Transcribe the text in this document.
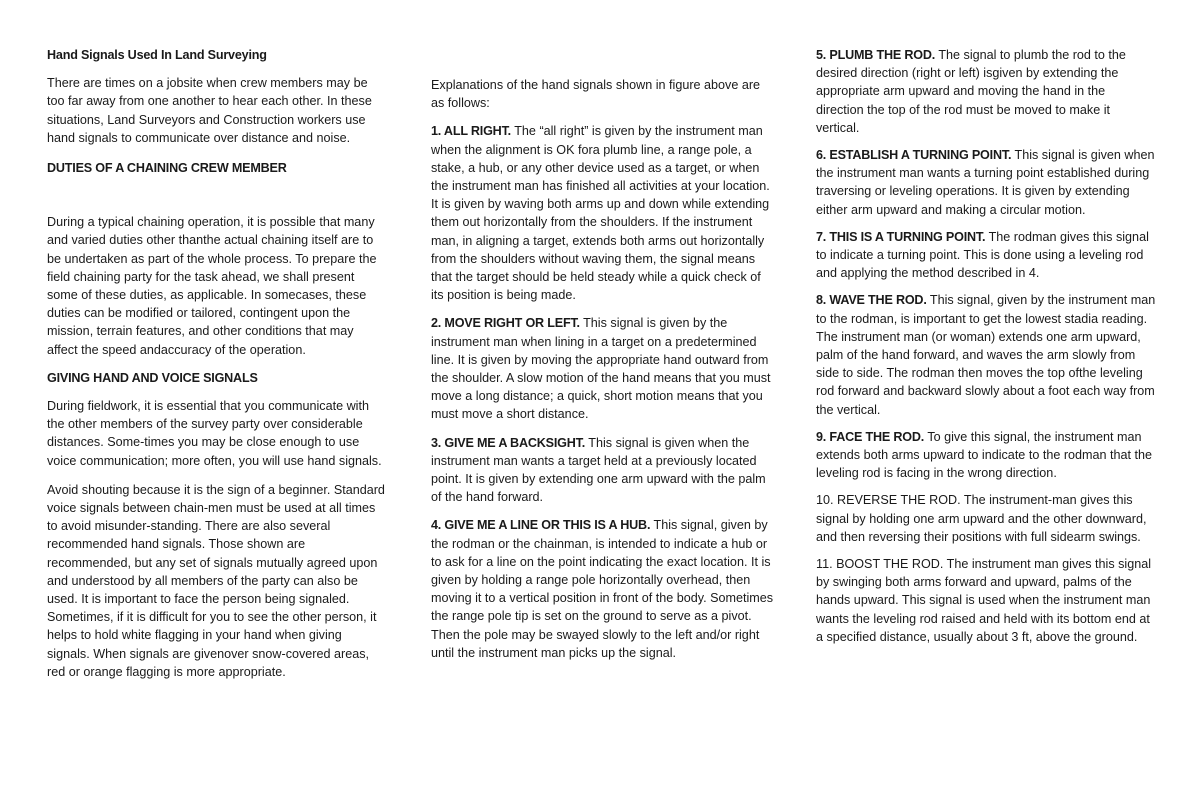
Hand Signals Used In Land Surveying

There are times on a jobsite when crew members may be too far away from one another to hear each other. In these situations, Land Surveyors and Construction workers use hand signals to communicate over distance and noise.

DUTIES OF A CHAINING CREW MEMBER

During a typical chaining operation, it is possible that many and varied duties other thanthe actual chaining itself are to be undertaken as part of the whole process. To prepare the field chaining party for the task ahead, we shall present some of these duties, as applicable. In somecases, these duties can be modified or tailored, contingent upon the mission, terrain features, and other conditions that may affect the speed andaccuracy of the operation.

GIVING HAND AND VOICE SIGNALS

During fieldwork, it is essential that you communicate with the other members of the survey party over considerable distances. Some-times you may be close enough to use voice communication; more often, you will use hand signals.

Avoid shouting because it is the sign of a beginner. Standard voice signals between chain-men must be used at all times to avoid misunder-standing. There are also several recommended hand signals. Those shown are recommended, but any set of signals mutually agreed upon and understood by all members of the party can also be used. It is important to face the person being signaled. Sometimes, if it is difficult for you to see the other person, it helps to hold white flagging in your hand when giving signals. When signals are givenover snow-covered areas, red or orange flagging is more appropriate.

Explanations of the hand signals shown in figure above are as follows:

1. ALL RIGHT. The “all right” is given by the instrument man when the alignment is OK fora plumb line, a range pole, a stake, a hub, or any other device used as a target, or when the instrument man has finished all activities at your location. It is given by waving both arms up and down while extending them out horizontally from the shoulders. If the instrument man, in aligning a target, extends both arms out horizontally from the shoulders without waving them, the signal means that the target should be held steady while a quick check of its position is being made.

2. MOVE RIGHT OR LEFT. This signal is given by the instrument man when lining in a target on a predetermined line. It is given by moving the appropriate hand outward from the shoulder. A slow motion of the hand means that you must move a long distance; a quick, short motion means that you must move a short distance.

3. GIVE ME A BACKSIGHT. This signal is given when the instrument man wants a target held at a previously located point. It is given by extending one arm upward with the palm of the hand forward.

4. GIVE ME A LINE OR THIS IS A HUB. This signal, given by the rodman or the chainman, is intended to indicate a hub or to ask for a line on the point indicating the exact location. It is given by holding a range pole horizontally overhead, then moving it to a vertical position in front of the body. Sometimes the range pole tip is set on the ground to serve as a pivot. Then the pole may be swayed slowly to the left and/or right until the instrument man picks up the signal.

5. PLUMB THE ROD. The signal to plumb the rod to the desired direction (right or left) isgiven by extending the appropriate arm upward and moving the hand in the direction the top of the rod must be moved to make it vertical.

6. ESTABLISH A TURNING POINT. This signal is given when the instrument man wants a turning point established during traversing or leveling operations. It is given by extending either arm upward and making a circular motion.

7. THIS IS A TURNING POINT. The rodman gives this signal to indicate a turning point. This is done using a leveling rod and applying the method described in 4.

8. WAVE THE ROD. This signal, given by the instrument man to the rodman, is important to get the lowest stadia reading. The instrument man (or woman) extends one arm upward, palm of the hand forward, and waves the arm slowly from side to side. The rodman then moves the top ofthe leveling rod forward and backward slowly about a foot each way from the vertical.

9. FACE THE ROD. To give this signal, the instrument man extends both arms upward to indicate to the rodman that the leveling rod is facing in the wrong direction.

10. REVERSE THE ROD. The instrument-man gives this signal by holding one arm upward and the other downward, and then reversing their positions with full sidearm swings.

11. BOOST THE ROD. The instrument man gives this signal by swinging both arms forward and upward, palms of the hands upward. This signal is used when the instrument man wants the leveling rod raised and held with its bottom end at a specified distance, usually about 3 ft, above the ground.
